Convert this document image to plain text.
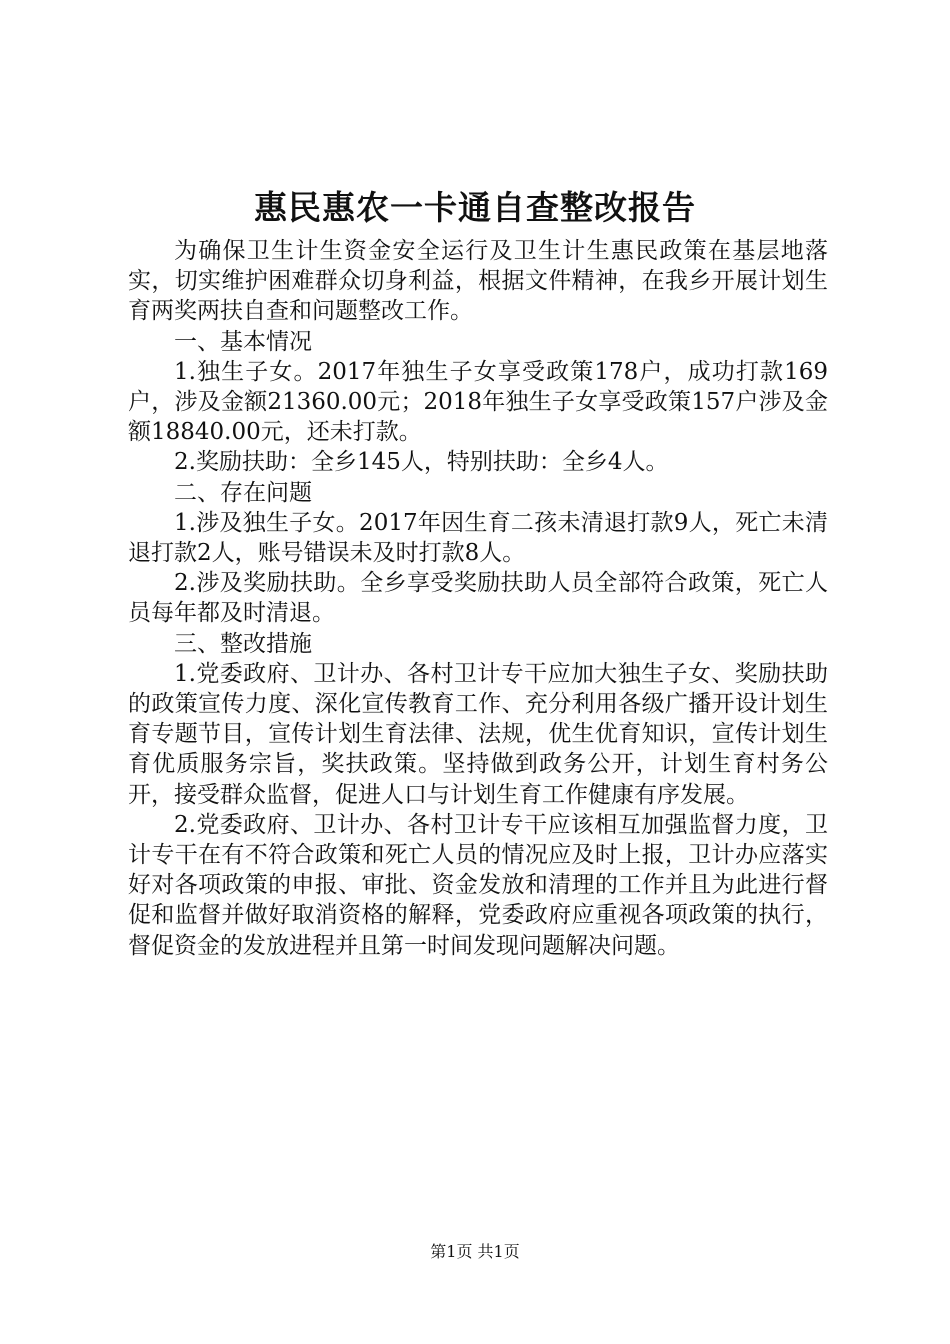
惠民惠农一卡通自查整改报告

为确保卫生计生资金安全运行及卫生计生惠民政策在基层地落实，切实维护困难群众切身利益，根据文件精神，在我乡开展计划生育两奖两扶自查和问题整改工作。

一、基本情况

1.独生子女。2017年独生子女享受政策178户，成功打款169户，涉及金额21360.00元；2018年独生子女享受政策157户涉及金额18840.00元，还未打款。

2.奖励扶助：全乡145人，特别扶助：全乡4人。

二、存在问题

1.涉及独生子女。2017年因生育二孩未清退打款9人，死亡未清退打款2人，账号错误未及时打款8人。

2.涉及奖励扶助。全乡享受奖励扶助人员全部符合政策，死亡人员每年都及时清退。

三、整改措施

1.党委政府、卫计办、各村卫计专干应加大独生子女、奖励扶助的政策宣传力度、深化宣传教育工作、充分利用各级广播开设计划生育专题节目，宣传计划生育法律、法规，优生优育知识，宣传计划生育优质服务宗旨，奖扶政策。坚持做到政务公开，计划生育村务公开，接受群众监督，促进人口与计划生育工作健康有序发展。

2.党委政府、卫计办、各村卫计专干应该相互加强监督力度，卫计专干在有不符合政策和死亡人员的情况应及时上报，卫计办应落实好对各项政策的申报、审批、资金发放和清理的工作并且为此进行督促和监督并做好取消资格的解释，党委政府应重视各项政策的执行，督促资金的发放进程并且第一时间发现问题解决问题。

第1页 共1页
